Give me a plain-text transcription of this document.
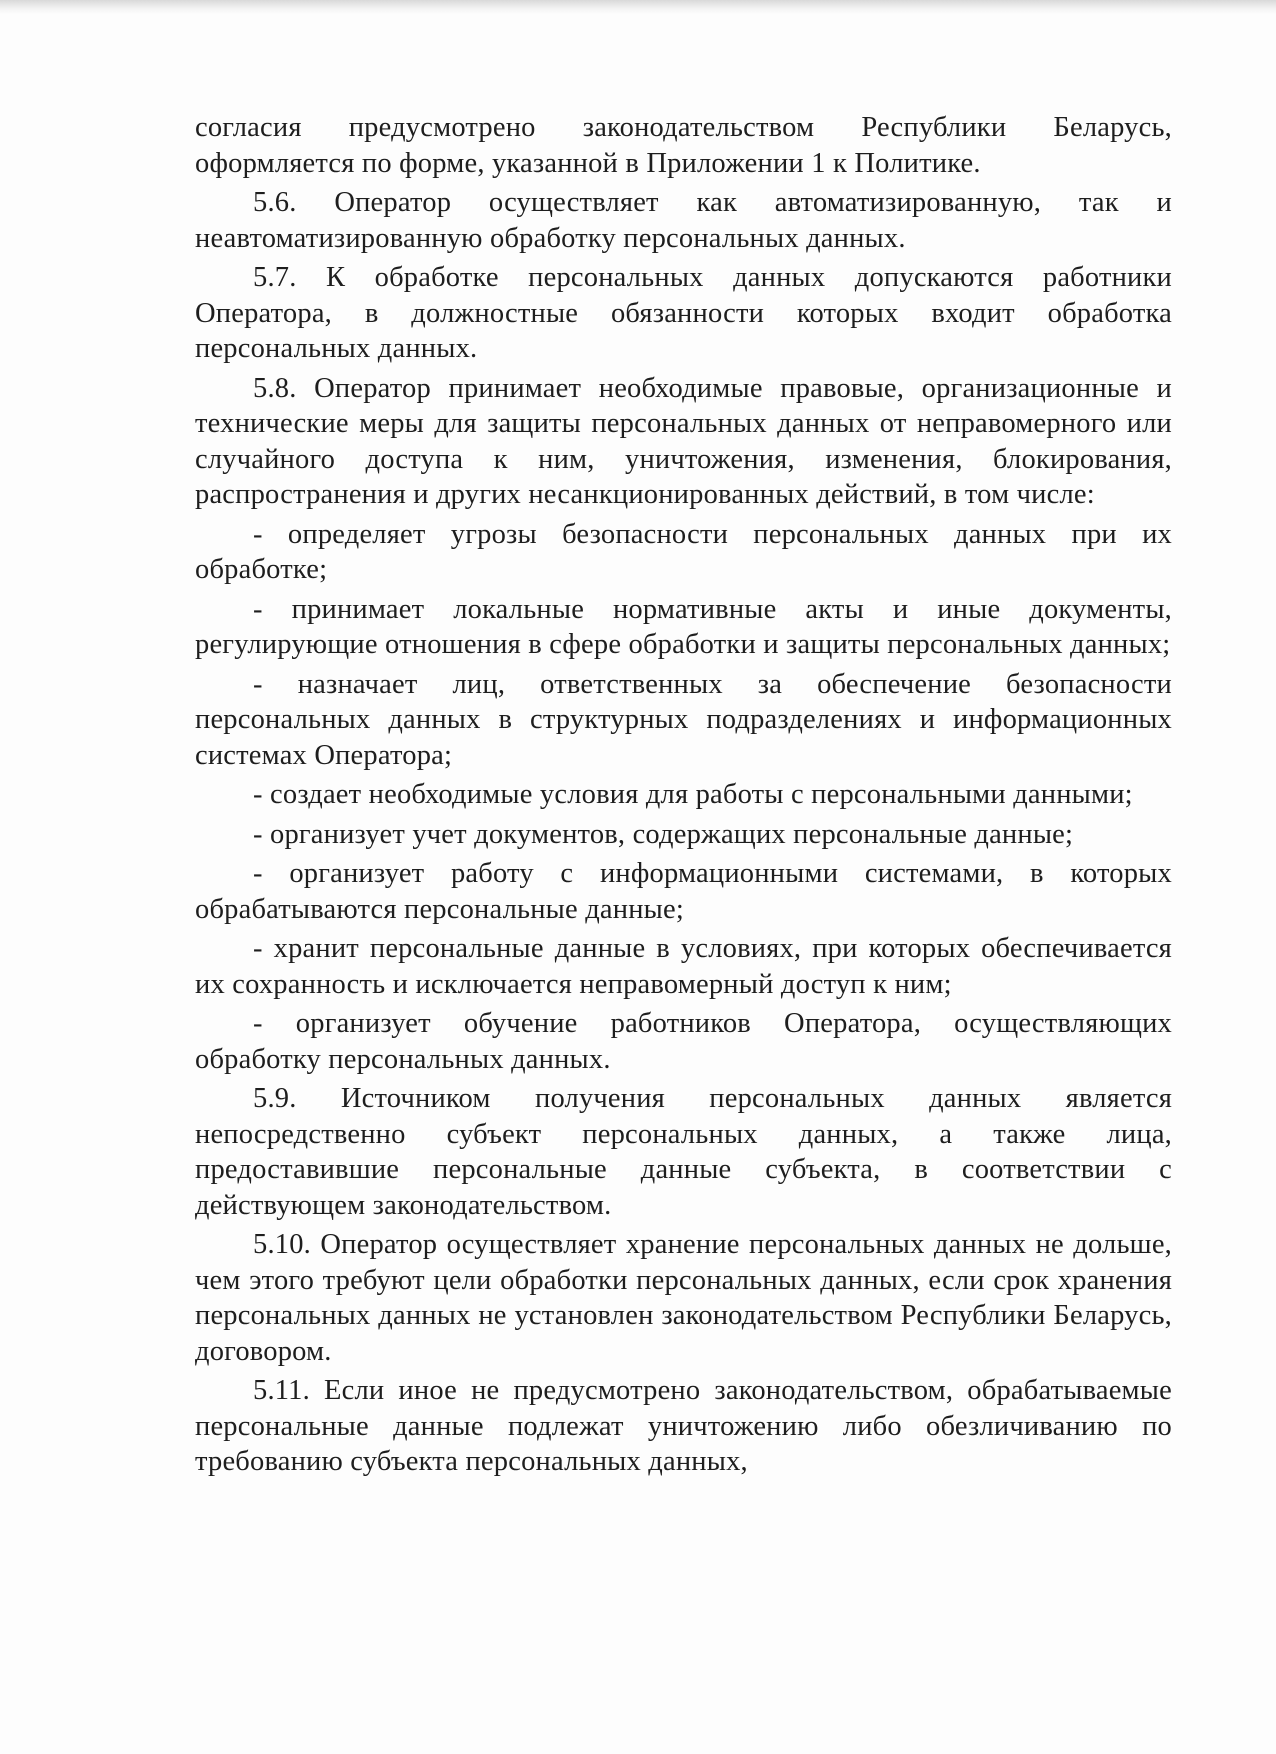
согласия предусмотрено законодательством Республики Беларусь, оформляется по форме, указанной в Приложении 1 к Политике.

5.6. Оператор осуществляет как автоматизированную, так и неавтоматизированную обработку персональных данных.

5.7. К обработке персональных данных допускаются работники Оператора, в должностные обязанности которых входит обработка персональных данных.

5.8. Оператор принимает необходимые правовые, организационные и технические меры для защиты персональных данных от неправомерного или случайного доступа к ним, уничтожения, изменения, блокирования, распространения и других несанкционированных действий, в том числе:

- определяет угрозы безопасности персональных данных при их обработке;

- принимает локальные нормативные акты и иные документы, регулирующие отношения в сфере обработки и защиты персональных данных;

- назначает лиц, ответственных за обеспечение безопасности персональных данных в структурных подразделениях и информационных системах Оператора;

- создает необходимые условия для работы с персональными данными;

- организует учет документов, содержащих персональные данные;

- организует работу с информационными системами, в которых обрабатываются персональные данные;

- хранит персональные данные в условиях, при которых обеспечивается их сохранность и исключается неправомерный доступ к ним;

- организует обучение работников Оператора, осуществляющих обработку персональных данных.

5.9. Источником получения персональных данных является непосредственно субъект персональных данных, а также лица, предоставившие персональные данные субъекта, в соответствии с действующем законодательством.

5.10. Оператор осуществляет хранение персональных данных не дольше, чем этого требуют цели обработки персональных данных, если срок хранения персональных данных не установлен законодательством Республики Беларусь, договором.

5.11. Если иное не предусмотрено законодательством, обрабатываемые персональные данные подлежат уничтожению либо обезличиванию по требованию субъекта персональных данных,
